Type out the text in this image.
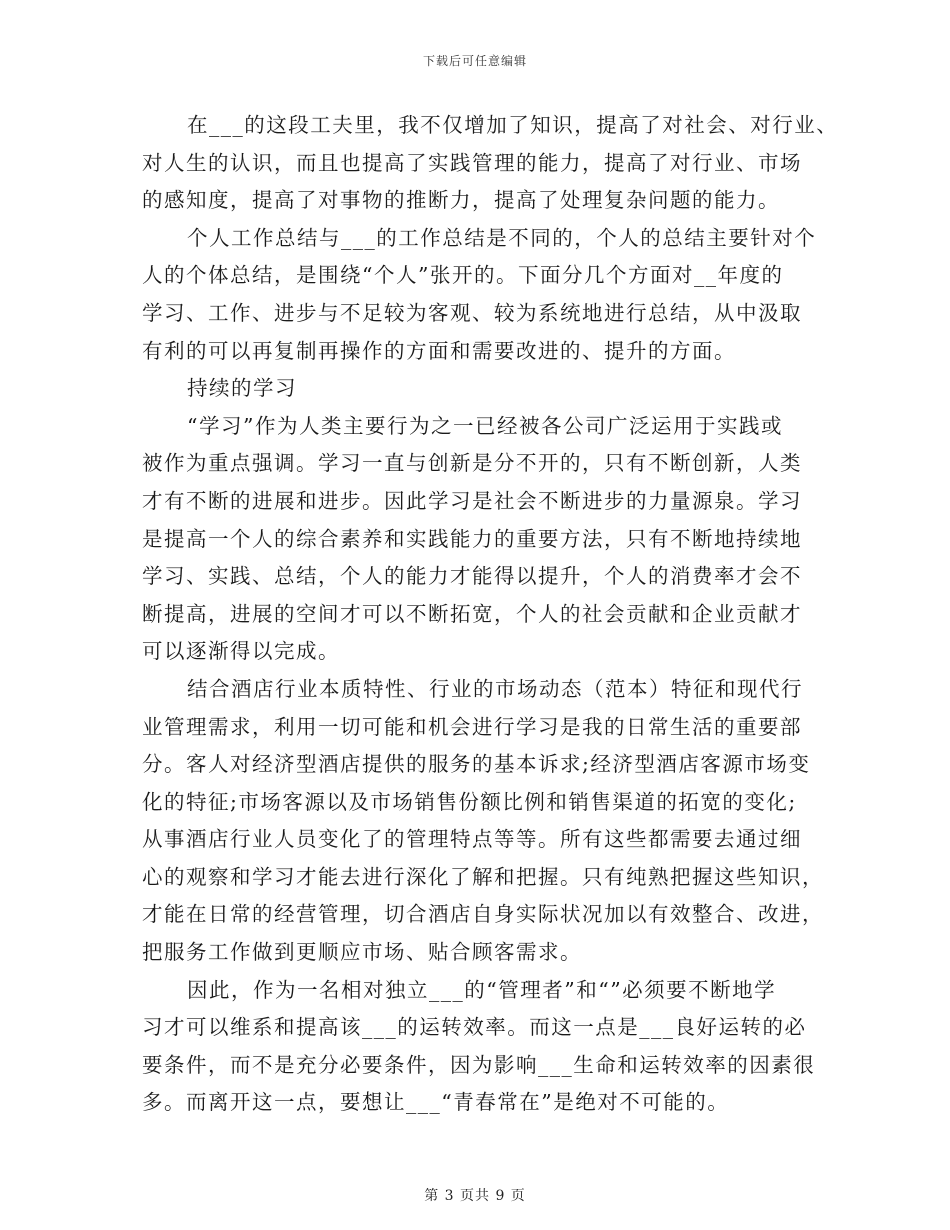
下载后可任意编辑
在___的这段工夫里，我不仅增加了知识，提高了对社会、对行业、
对人生的认识，而且也提高了实践管理的能力，提高了对行业、市场
的感知度，提高了对事物的推断力，提高了处理复杂问题的能力。
个人工作总结与___的工作总结是不同的，个人的总结主要针对个
人的个体总结，是围绕“个人”张开的。下面分几个方面对__年度的
学习、工作、进步与不足较为客观、较为系统地进行总结，从中汲取
有利的可以再复制再操作的方面和需要改进的、提升的方面。
持续的学习
“学习”作为人类主要行为之一已经被各公司广泛运用于实践或
被作为重点强调。学习一直与创新是分不开的，只有不断创新，人类
才有不断的进展和进步。因此学习是社会不断进步的力量源泉。学习
是提高一个人的综合素养和实践能力的重要方法，只有不断地持续地
学习、实践、总结，个人的能力才能得以提升，个人的消费率才会不
断提高，进展的空间才可以不断拓宽，个人的社会贡献和企业贡献才
可以逐渐得以完成。
结合酒店行业本质特性、行业的市场动态（范本）特征和现代行
业管理需求，利用一切可能和机会进行学习是我的日常生活的重要部
分。客人对经济型酒店提供的服务的基本诉求;经济型酒店客源市场变
化的特征;市场客源以及市场销售份额比例和销售渠道的拓宽的变化;
从事酒店行业人员变化了的管理特点等等。所有这些都需要去通过细
心的观察和学习才能去进行深化了解和把握。只有纯熟把握这些知识，
才能在日常的经营管理，切合酒店自身实际状况加以有效整合、改进，
把服务工作做到更顺应市场、贴合顾客需求。
因此，作为一名相对独立___的“管理者”和“”必须要不断地学
习才可以维系和提高该___的运转效率。而这一点是___良好运转的必
要条件，而不是充分必要条件，因为影响___生命和运转效率的因素很
多。而离开这一点，要想让___“青春常在”是绝对不可能的。
第 3 页共 9 页
